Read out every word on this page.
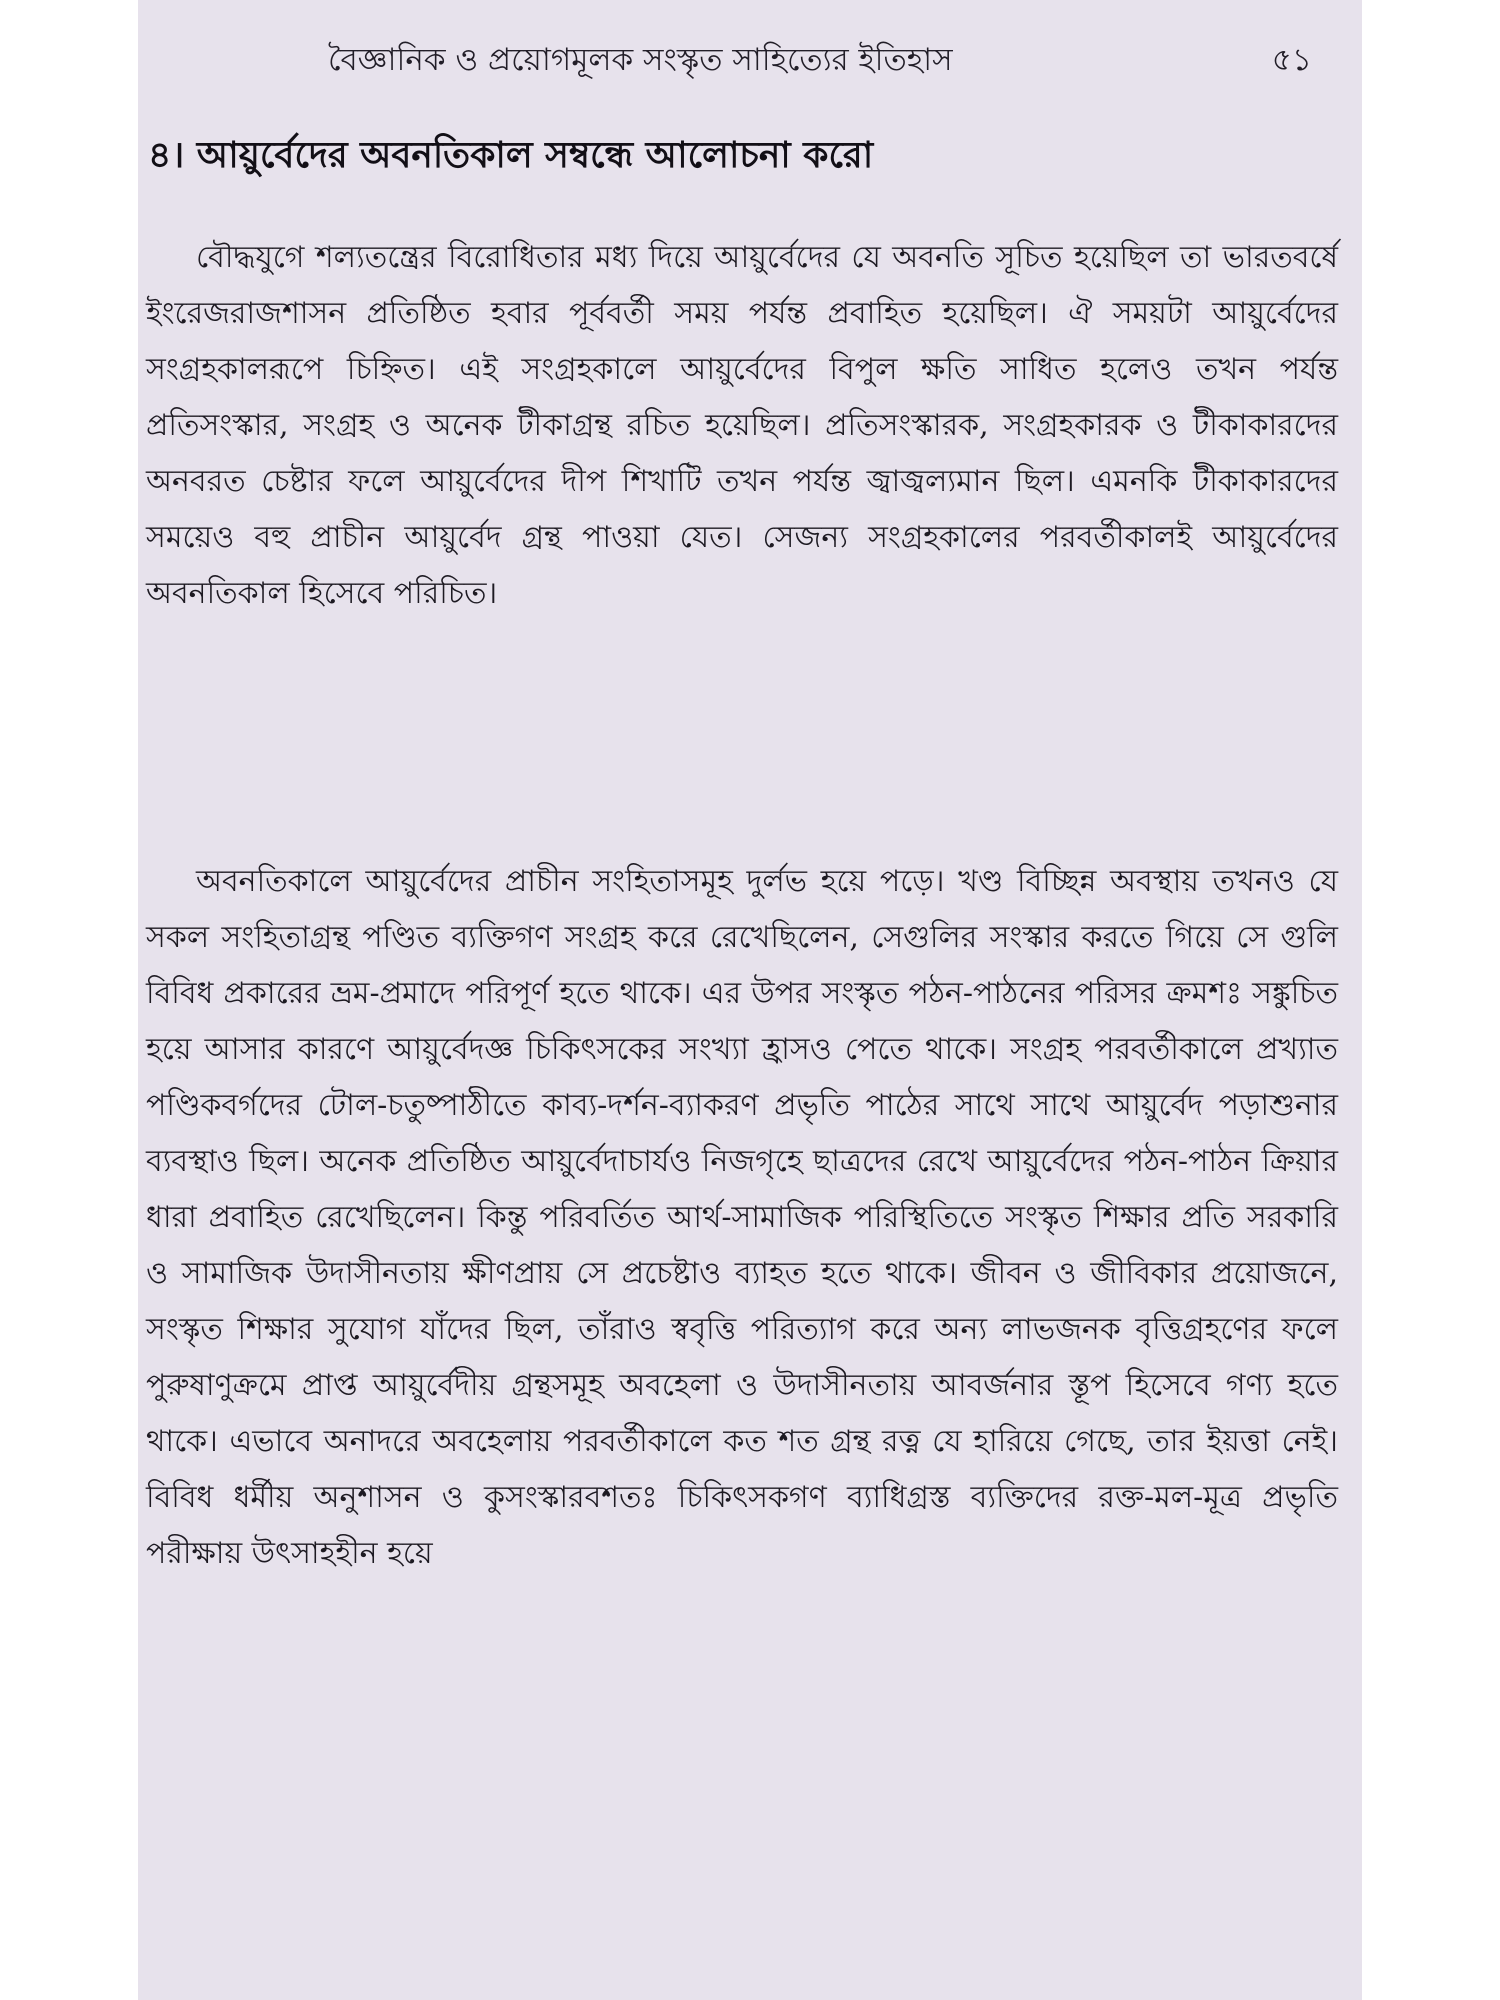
বৈজ্ঞানিক ও প্রয়োগমূলক সংস্কৃত সাহিত্যের ইতিহাস	৫১
৪। আয়ুর্বেদের অবনতিকাল সম্বন্ধে আলোচনা করো

বৌদ্ধযুগে শল্যতন্ত্রের বিরোধিতার মধ্য দিয়ে আয়ুর্বেদের যে অবনতি সূচিত হয়েছিল তা ভারতবর্ষে ইংরেজরাজশাসন প্রতিষ্ঠিত হবার পূর্ববর্তী সময় পর্যন্ত প্রবাহিত হয়েছিল। ঐ সময়টা আয়ুর্বেদের সংগ্রহকালরূপে চিহ্নিত। এই সংগ্রহকালে আয়ুর্বেদের বিপুল ক্ষতি সাধিত হলেও তখন পর্যন্ত প্রতিসংস্কার, সংগ্রহ ও অনেক টীকাগ্রন্থ রচিত হয়েছিল। প্রতিসংস্কারক, সংগ্রহকারক ও টীকাকারদের অনবরত চেষ্টার ফলে আয়ুর্বেদের দীপ শিখাটি তখন পর্যন্ত জ্বাজ্বল্যমান ছিল। এমনকি টীকাকারদের সময়েও বহু প্রাচীন আয়ুর্বেদ গ্রন্থ পাওয়া যেত। সেজন্য সংগ্রহকালের পরবর্তীকালই আয়ুর্বেদের অবনতিকাল হিসেবে পরিচিত।

অবনতিকালে আয়ুর্বেদের প্রাচীন সংহিতাসমূহ দুর্লভ হয়ে পড়ে। খণ্ড বিচ্ছিন্ন অবস্থায় তখনও যে সকল সংহিতাগ্রন্থ পণ্ডিত ব্যক্তিগণ সংগ্রহ করে রেখেছিলেন, সেগুলির সংস্কার করতে গিয়ে সে গুলি বিবিধ প্রকারের ভ্রম-প্রমাদে পরিপূর্ণ হতে থাকে। এর উপর সংস্কৃত পঠন-পাঠনের পরিসর ক্রমশঃ সঙ্কুচিত হয়ে আসার কারণে আয়ুর্বেদজ্ঞ চিকিৎসকের সংখ্যা হ্রাসও পেতে থাকে। সংগ্রহ পরবর্তীকালে প্রখ্যাত পণ্ডিকবর্গদের টোল-চতুষ্পাঠীতে কাব্য-দর্শন-ব্যাকরণ প্রভৃতি পাঠের সাথে সাথে আয়ুর্বেদ পড়াশুনার ব্যবস্থাও ছিল। অনেক প্রতিষ্ঠিত আয়ুর্বেদাচার্যও নিজগৃহে ছাত্রদের রেখে আয়ুর্বেদের পঠন-পাঠন ক্রিয়ার ধারা প্রবাহিত রেখেছিলেন। কিন্তু পরিবর্তিত আর্থ-সামাজিক পরিস্থিতিতে সংস্কৃত শিক্ষার প্রতি সরকারি ও সামাজিক উদাসীনতায় ক্ষীণপ্রায় সে প্রচেষ্টাও ব্যাহত হতে থাকে। জীবন ও জীবিকার প্রয়োজনে, সংস্কৃত শিক্ষার সুযোগ যাঁদের ছিল, তাঁরাও স্ববৃত্তি পরিত্যাগ করে অন্য লাভজনক বৃত্তিগ্রহণের ফলে পুরুষাণুক্রমে প্রাপ্ত আয়ুর্বেদীয় গ্রন্থসমূহ অবহেলা ও উদাসীনতায় আবর্জনার স্তূপ হিসেবে গণ্য হতে থাকে। এভাবে অনাদরে অবহেলায় পরবর্তীকালে কত শত গ্রন্থ রত্ন যে হারিয়ে গেছে, তার ইয়ত্তা নেই। বিবিধ ধর্মীয় অনুশাসন ও কুসংস্কারবশতঃ চিকিৎসকগণ ব্যাধিগ্রস্ত ব্যক্তিদের রক্ত-মল-মূত্র প্রভৃতি পরীক্ষায় উৎসাহহীন হয়ে
